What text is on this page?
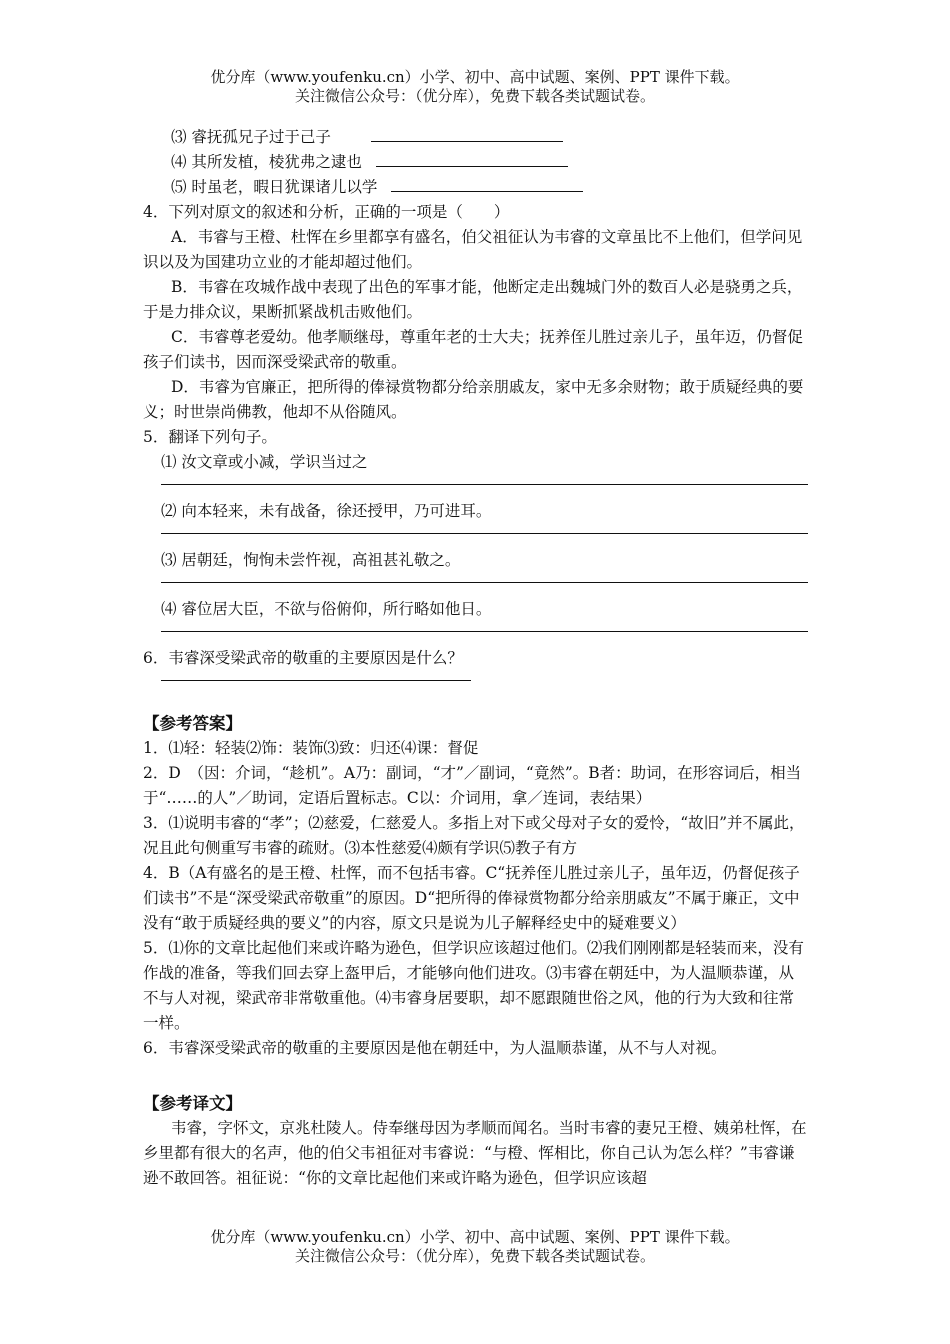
优分库（www.youfenku.cn）小学、初中、高中试题、案例、PPT 课件下载。
关注微信公众号：（优分库），免费下载各类试题试卷。
⑶ 睿抚孤兄子过于己子
⑷ 其所发植，棱犹弗之逮也
⑸ 时虽老，暇日犹课诸儿以学
4．下列对原文的叙述和分析，正确的一项是（　　）
A．韦睿与王橙、杜恽在乡里都享有盛名，伯父祖征认为韦睿的文章虽比不上他们，但学问见识以及为国建功立业的才能却超过他们。
B．韦睿在攻城作战中表现了出色的军事才能，他断定走出魏城门外的数百人必是骁勇之兵，于是力排众议，果断抓紧战机击败他们。
C．韦睿尊老爱幼。他孝顺继母，尊重年老的士大夫；抚养侄儿胜过亲儿子，虽年迈，仍督促孩子们读书，因而深受梁武帝的敬重。
D．韦睿为官廉正，把所得的俸禄赏物都分给亲朋戚友，家中无多余财物；敢于质疑经典的要义；时世崇尚佛教，他却不从俗随风。
5．翻译下列句子。
⑴ 汝文章或小减，学识当过之
⑵ 向本轻来，未有战备，徐还授甲，乃可进耳。
⑶ 居朝廷，恂恂未尝忤视，高祖甚礼敬之。
⑷ 睿位居大臣，不欲与俗俯仰，所行略如他日。
6．韦睿深受梁武帝的敬重的主要原因是什么？
【参考答案】
1．⑴轻：轻装⑵饰：装饰⑶致：归还⑷课：督促
2．D　（因：介词，“趁机”。A乃：副词，“才”／副词，“竟然”。B者：助词，在形容词后，相当于“……的人”／助词，定语后置标志。C以：介词用，拿／连词，表结果）
3．⑴说明韦睿的“孝”；⑵慈爱，仁慈爱人。多指上对下或父母对子女的爱怜，“故旧”并不属此，况且此句侧重写韦睿的疏财。⑶本性慈爱⑷颇有学识⑸教子有方
4．B（A有盛名的是王橙、杜恽，而不包括韦睿。C“抚养侄儿胜过亲儿子，虽年迈，仍督促孩子们读书”不是“深受梁武帝敬重”的原因。D“把所得的俸禄赏物都分给亲朋戚友”不属于廉正，文中没有“敢于质疑经典的要义”的内容，原文只是说为儿子解释经史中的疑难要义）
5．⑴你的文章比起他们来或许略为逊色，但学识应该超过他们。⑵我们刚刚都是轻装而来，没有作战的准备，等我们回去穿上盔甲后，才能够向他们进攻。⑶韦睿在朝廷中，为人温顺恭谨，从不与人对视，梁武帝非常敬重他。⑷韦睿身居要职，却不愿跟随世俗之风，他的行为大致和往常一样。
6．韦睿深受梁武帝的敬重的主要原因是他在朝廷中，为人温顺恭谨，从不与人对视。
【参考译文】
韦睿，字怀文，京兆杜陵人。侍奉继母因为孝顺而闻名。当时韦睿的妻兄王橙、姨弟杜恽，在乡里都有很大的名声，他的伯父韦祖征对韦睿说：“与橙、恽相比，你自己认为怎么样？”韦睿谦逊不敢回答。祖征说：“你的文章比起他们来或许略为逊色，但学识应该超
优分库（www.youfenku.cn）小学、初中、高中试题、案例、PPT 课件下载。
关注微信公众号：（优分库），免费下载各类试题试卷。
